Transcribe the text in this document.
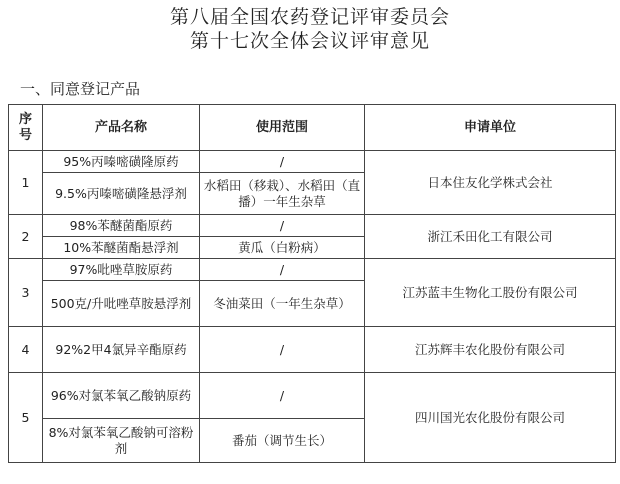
第八届全国农药登记评审委员会
第十七次全体会议评审意见
一、同意登记产品
序号	产品名称	使用范围	申请单位
1	95%丙嗪嘧磺隆原药	/	日本住友化学株式会社
	9.5%丙嗪嘧磺隆悬浮剂	水稻田（移栽）、水稻田（直播）一年生杂草	
2	98%苯醚菌酯原药	/	浙江禾田化工有限公司
	10%苯醚菌酯悬浮剂	黄瓜（白粉病）	
3	97%吡唑草胺原药	/	江苏蓝丰生物化工股份有限公司
	500克/升吡唑草胺悬浮剂	冬油菜田（一年生杂草）	
4	92%2甲4氯异辛酯原药	/	江苏辉丰农化股份有限公司
5	96%对氯苯氧乙酸钠原药	/	四川国光农化股份有限公司
	8%对氯苯氧乙酸钠可溶粉剂	番茄（调节生长）	
